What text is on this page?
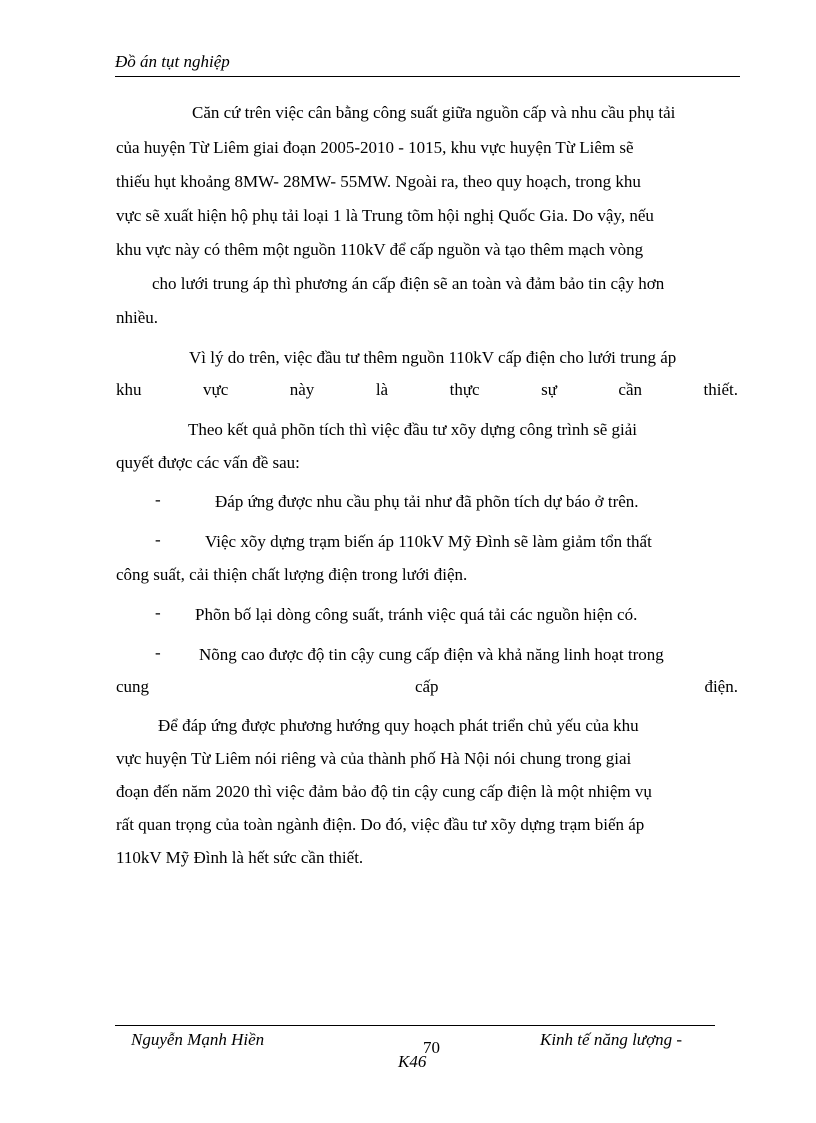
Đồ án tụt nghiệp
Căn cứ trên việc cân bằng công suất giữa nguồn cấp và nhu cầu phụ tải
của huyện Từ Liêm giai đoạn 2005-2010 - 1015, khu vực huyện Từ Liêm sẽ
thiếu hụt khoảng 8MW- 28MW- 55MW. Ngoài ra, theo quy hoạch, trong khu
vực sẽ xuất hiện hộ phụ tải loại 1 là Trung tõm hội nghị Quốc Gia. Do vậy, nếu
khu vực này có thêm một nguồn 110kV để cấp nguồn và tạo thêm mạch vòng
cho lưới trung áp thì phương án cấp điện sẽ an toàn và đảm bảo tin cậy hơn
nhiều.
Vì lý do trên, việc đầu tư thêm nguồn 110kV cấp điện cho lưới trung áp
khu	vực	này	là	thực	sự	cần	thiết.
Theo kết quả phõn tích thì việc đầu tư xõy dựng công trình sẽ giải
quyết được các vấn đề sau:
-	Đáp ứng được nhu cầu phụ tải như đã phõn tích dự báo ở trên.
-	Việc xõy dựng trạm biến áp 110kV Mỹ Đình sẽ làm giảm tổn thất
công suất, cải thiện chất lượng điện trong lưới điện.
- Phõn bố lại dòng công suất, tránh việc quá tải các nguồn hiện có.
- Nõng cao được độ tin cậy cung cấp điện và khả năng linh hoạt trong
cung	cấp	điện.
Để đáp ứng được phương hướng quy hoạch phát triển chủ yếu của khu
vực huyện Từ Liêm nói riêng và của thành phố Hà Nội nói chung trong giai
đoạn đến năm 2020 thì việc đảm bảo độ tin cậy cung cấp điện là một nhiệm vụ
rất quan trọng của toàn ngành điện. Do đó, việc đầu tư xõy dựng trạm biến áp
110kV Mỹ Đình là hết sức cần thiết.
Nguyễn Mạnh Hiền	70	Kinh tế năng lượng -
K46
